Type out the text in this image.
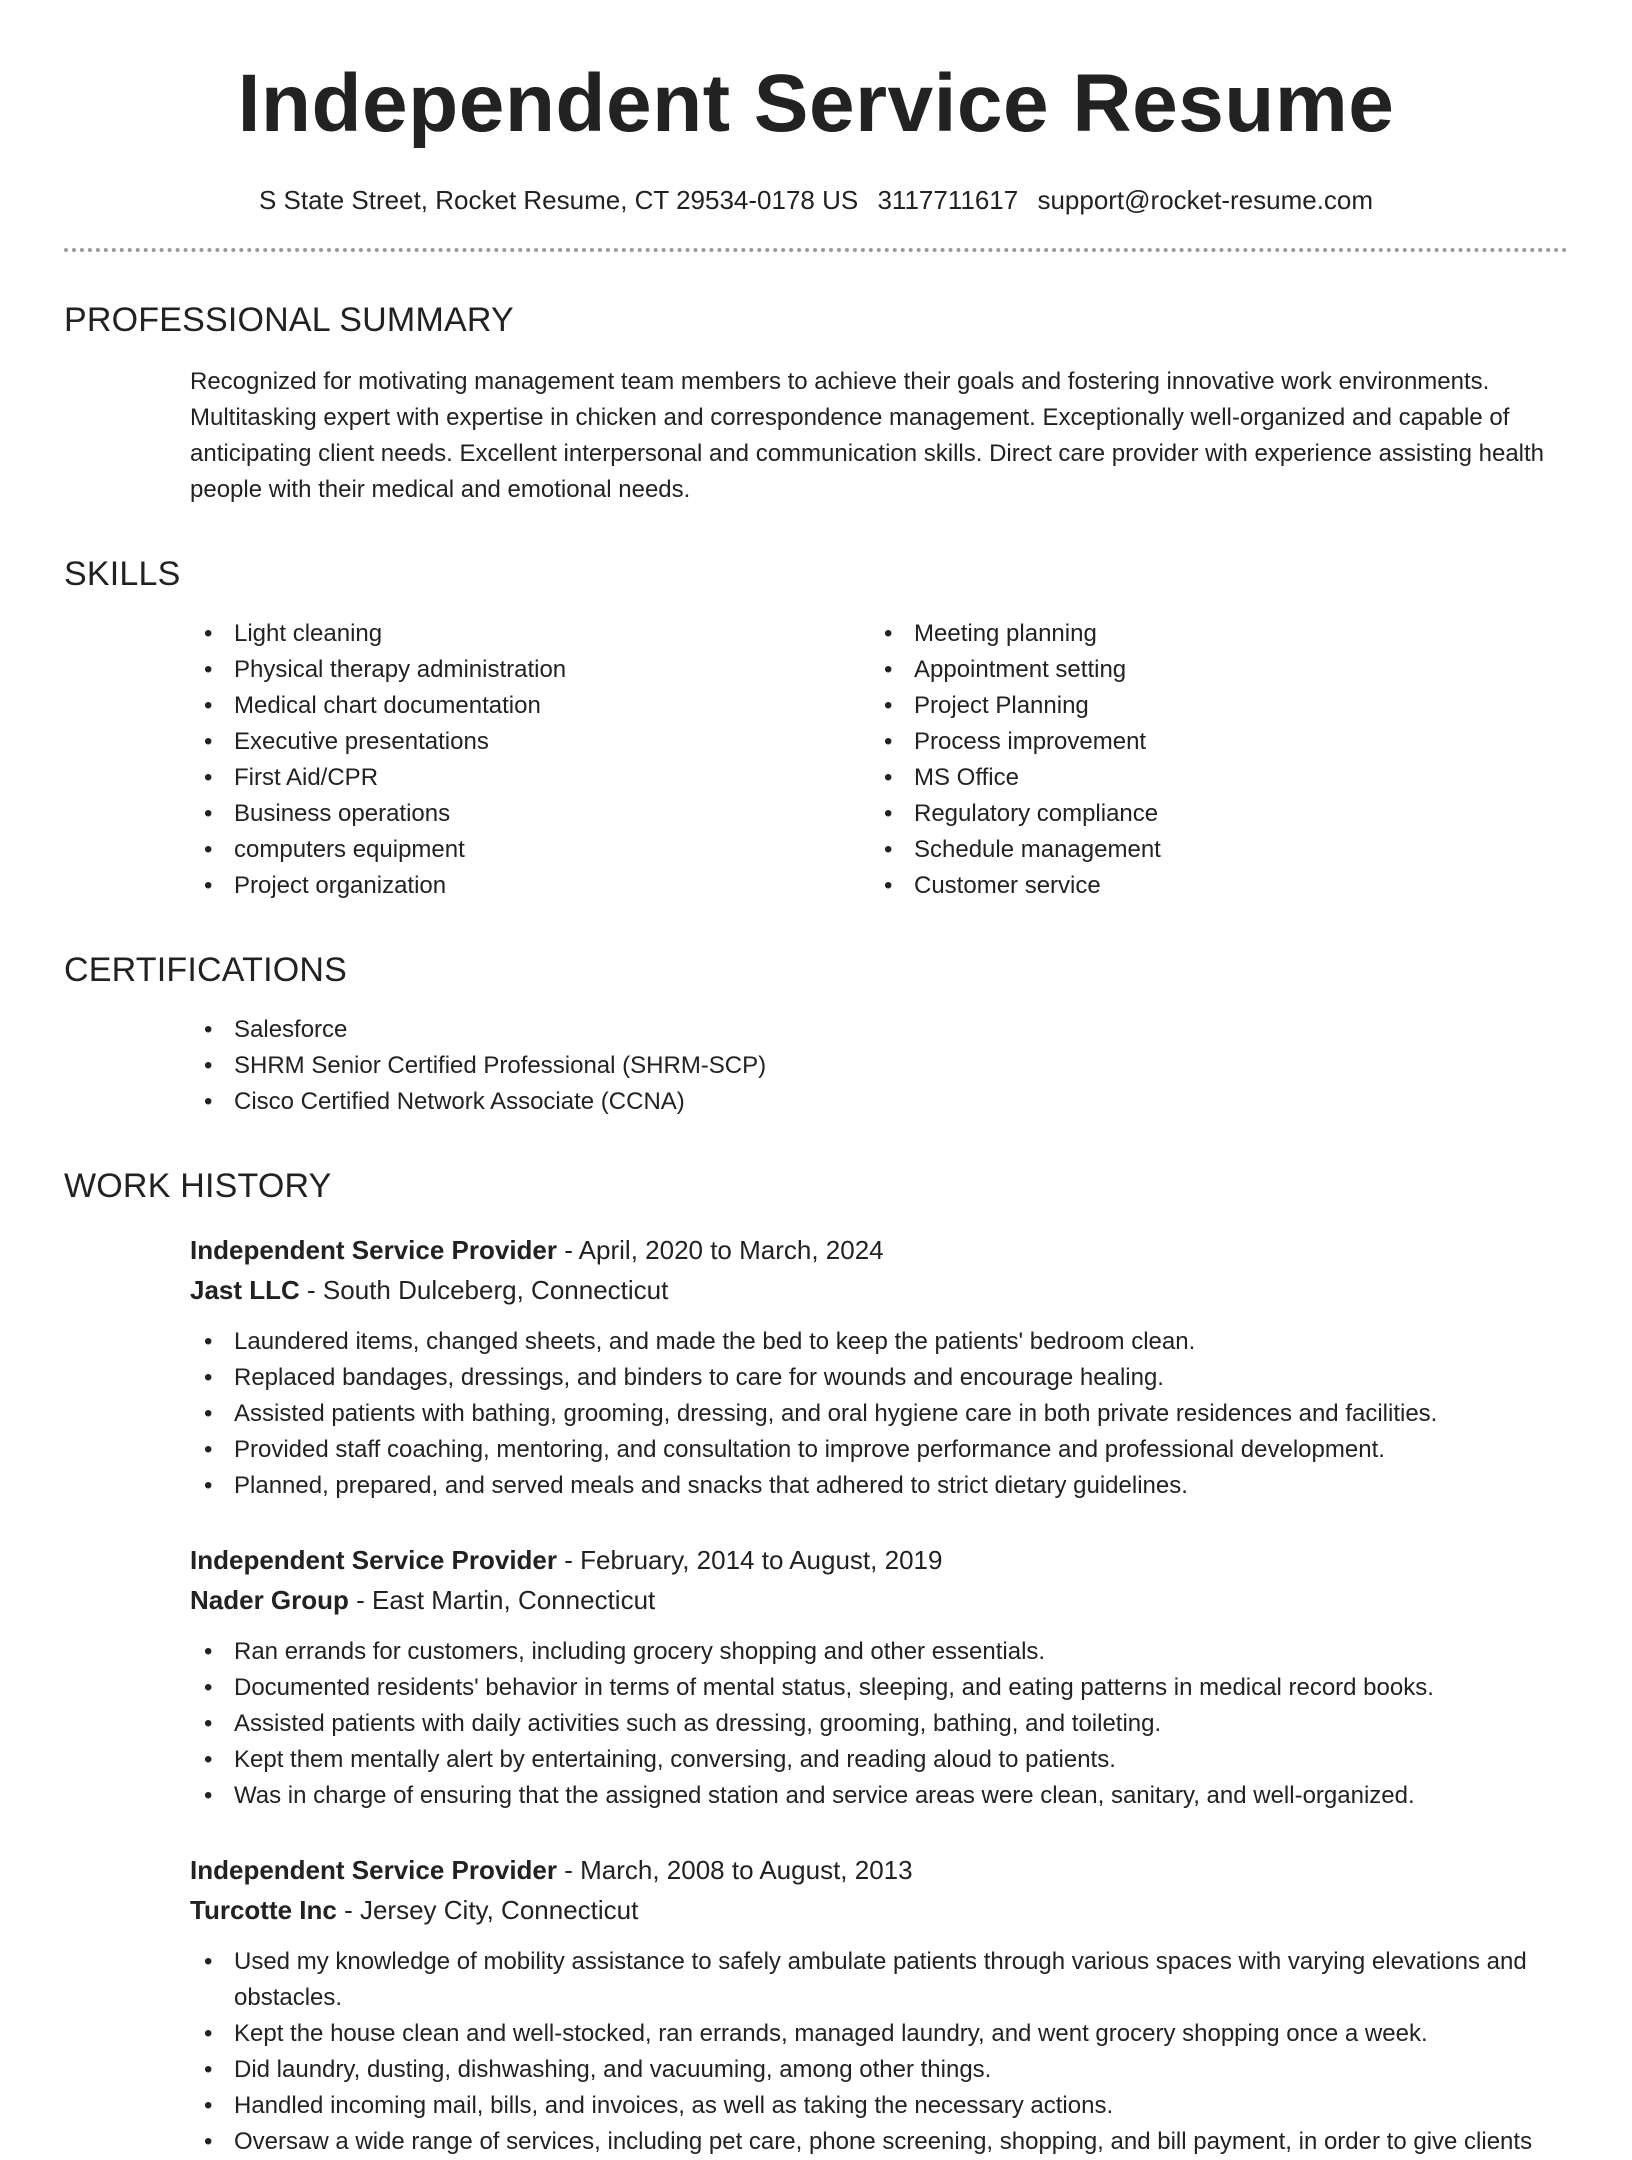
Independent Service Resume
S State Street, Rocket Resume, CT 29534-0178 US 3117711617 support@rocket-resume.com
PROFESSIONAL SUMMARY

Recognized for motivating management team members to achieve their goals and fostering innovative work environments. Multitasking expert with expertise in chicken and correspondence management. Exceptionally well-organized and capable of anticipating client needs. Excellent interpersonal and communication skills. Direct care provider with experience assisting health people with their medical and emotional needs.

SKILLS
• Light cleaning
• Physical therapy administration
• Medical chart documentation
• Executive presentations
• First Aid/CPR
• Business operations
• computers equipment
• Project organization
• Meeting planning
• Appointment setting
• Project Planning
• Process improvement
• MS Office
• Regulatory compliance
• Schedule management
• Customer service
CERTIFICATIONS
• Salesforce
• SHRM Senior Certified Professional (SHRM-SCP)
• Cisco Certified Network Associate (CCNA)
WORK HISTORY
Independent Service Provider - April, 2020 to March, 2024
Jast LLC - South Dulceberg, Connecticut
• Laundered items, changed sheets, and made the bed to keep the patients' bedroom clean.
• Replaced bandages, dressings, and binders to care for wounds and encourage healing.
• Assisted patients with bathing, grooming, dressing, and oral hygiene care in both private residences and facilities.
• Provided staff coaching, mentoring, and consultation to improve performance and professional development.
• Planned, prepared, and served meals and snacks that adhered to strict dietary guidelines.
Independent Service Provider - February, 2014 to August, 2019
Nader Group - East Martin, Connecticut
• Ran errands for customers, including grocery shopping and other essentials.
• Documented residents' behavior in terms of mental status, sleeping, and eating patterns in medical record books.
• Assisted patients with daily activities such as dressing, grooming, bathing, and toileting.
• Kept them mentally alert by entertaining, conversing, and reading aloud to patients.
• Was in charge of ensuring that the assigned station and service areas were clean, sanitary, and well-organized.
Independent Service Provider - March, 2008 to August, 2013
Turcotte Inc - Jersey City, Connecticut
• Used my knowledge of mobility assistance to safely ambulate patients through various spaces with varying elevations and obstacles.
• Kept the house clean and well-stocked, ran errands, managed laundry, and went grocery shopping once a week.
• Did laundry, dusting, dishwashing, and vacuuming, among other things.
• Handled incoming mail, bills, and invoices, as well as taking the necessary actions.
• Oversaw a wide range of services, including pet care, phone screening, shopping, and bill payment, in order to give clients
